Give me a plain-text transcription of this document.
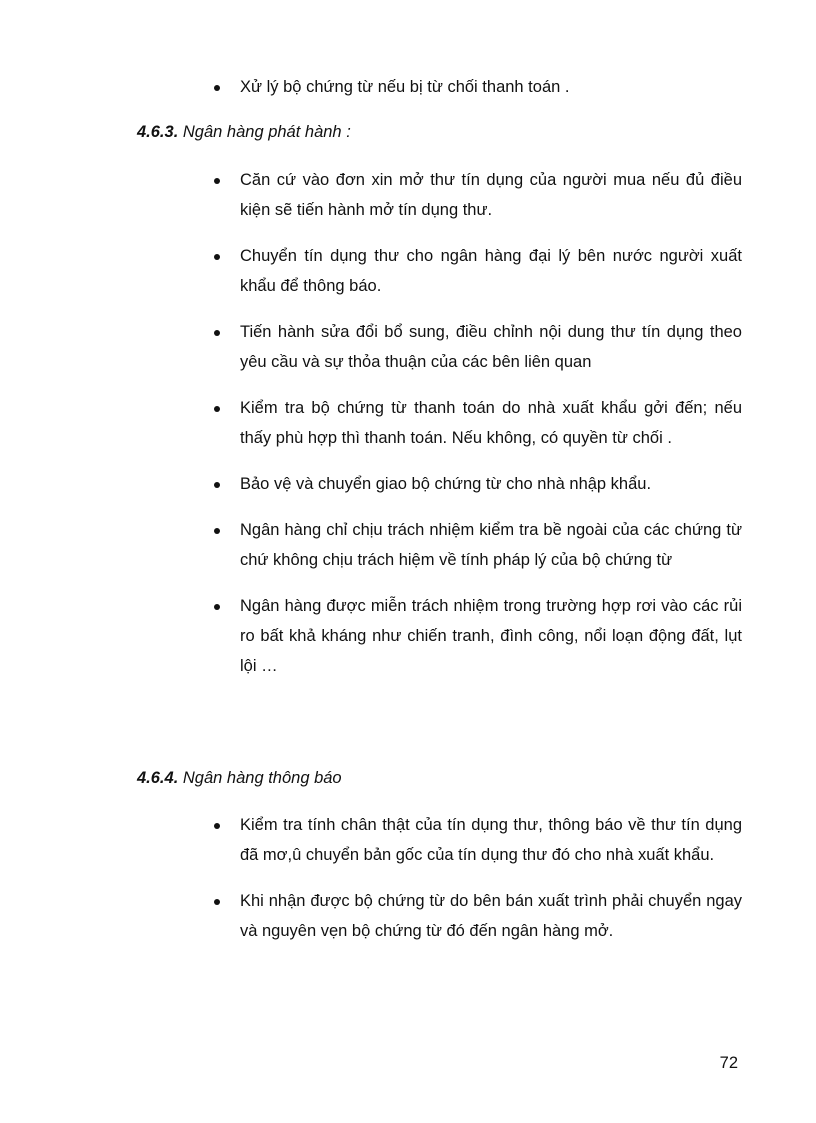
Xử lý bộ chứng từ nếu bị từ chối thanh toán .
4.6.3. Ngân hàng phát hành :
Căn cứ vào đơn xin mở thư tín dụng của người mua nếu đủ điều kiện sẽ tiến hành mở tín dụng thư.
Chuyển tín dụng thư cho ngân hàng đại lý bên nước người xuất khẩu để thông báo.
Tiến hành sửa đổi bổ sung, điều chỉnh nội dung thư tín dụng theo yêu cầu và sự thỏa thuận của các bên liên quan
Kiểm tra bộ chứng từ thanh toán do nhà xuất khẩu gởi đến; nếu thấy phù hợp thì thanh toán. Nếu không, có quyền từ chối .
Bảo vệ và chuyển giao bộ chứng từ cho nhà nhập khẩu.
Ngân hàng chỉ chịu trách nhiệm kiểm tra bề ngoài của các chứng từ chứ không chịu trách hiệm về tính pháp lý của bộ chứng từ
Ngân hàng được miễn trách nhiệm trong trường hợp rơi vào các rủi ro bất khả kháng như chiến tranh, đình công, nổi loạn động đất, lụt lội …
4.6.4. Ngân hàng thông báo
Kiểm tra tính chân thật của tín dụng thư, thông báo về thư tín dụng đã mơ,û chuyển bản gốc của tín dụng thư đó cho nhà xuất khẩu.
Khi nhận được bộ chứng từ do bên bán xuất trình phải chuyển ngay và nguyên vẹn bộ chứng từ đó đến ngân hàng mở.
72
